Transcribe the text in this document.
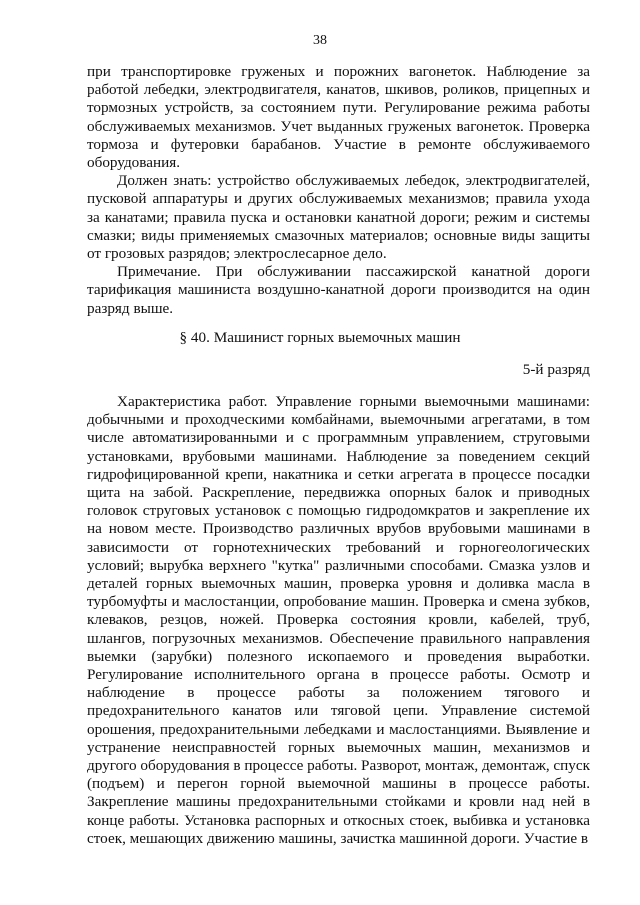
38

при транспортировке груженых и порожних вагонеток. Наблюдение за работой лебедки, электродвигателя, канатов, шкивов, роликов, прицепных и тормозных устройств, за состоянием пути. Регулирование режима работы обслуживаемых механизмов. Учет выданных груженых вагонеток. Проверка тормоза и футеровки барабанов. Участие в ремонте обслуживаемого оборудования.

Должен знать: устройство обслуживаемых лебедок, электродвигателей, пусковой аппаратуры и других обслуживаемых механизмов; правила ухода за канатами; правила пуска и остановки канатной дороги; режим и системы смазки; виды применяемых смазочных материалов; основные виды защиты от грозовых разрядов; электрослесарное дело.

Примечание. При обслуживании пассажирской канатной дороги тарификация машиниста воздушно-канатной дороги производится на один разряд выше.

§ 40. Машинист горных выемочных машин
5-й разряд

Характеристика работ. Управление горными выемочными машинами: добычными и проходческими комбайнами, выемочными агрегатами, в том числе автоматизированными и с программным управлением, струговыми установками, врубовыми машинами. Наблюдение за поведением секций гидрофицированной крепи, накатника и сетки агрегата в процессе посадки щита на забой. Раскрепление, передвижка опорных балок и приводных головок струговых установок с помощью гидродомкратов и закрепление их на новом месте. Производство различных врубов врубовыми машинами в зависимости от горнотехнических требований и горногеологических условий; вырубка верхнего "кутка" различными способами. Смазка узлов и деталей горных выемочных машин, проверка уровня и доливка масла в турбомуфты и маслостанции, опробование машин. Проверка и смена зубков, клеваков, резцов, ножей. Проверка состояния кровли, кабелей, труб, шлангов, погрузочных механизмов. Обеспечение правильного направления выемки (зарубки) полезного ископаемого и проведения выработки. Регулирование исполнительного органа в процессе работы. Осмотр и наблюдение в процессе работы за положением тягового и предохранительного канатов или тяговой цепи. Управление системой орошения, предохранительными лебедками и маслостанциями. Выявление и устранение неисправностей горных выемочных машин, механизмов и другого оборудования в процессе работы. Разворот, монтаж, демонтаж, спуск (подъем) и перегон горной выемочной машины в процессе работы. Закрепление машины предохранительными стойками и кровли над ней в конце работы. Установка распорных и откосных стоек, выбивка и установка стоек, мешающих движению машины, зачистка машинной дороги. Участие в
